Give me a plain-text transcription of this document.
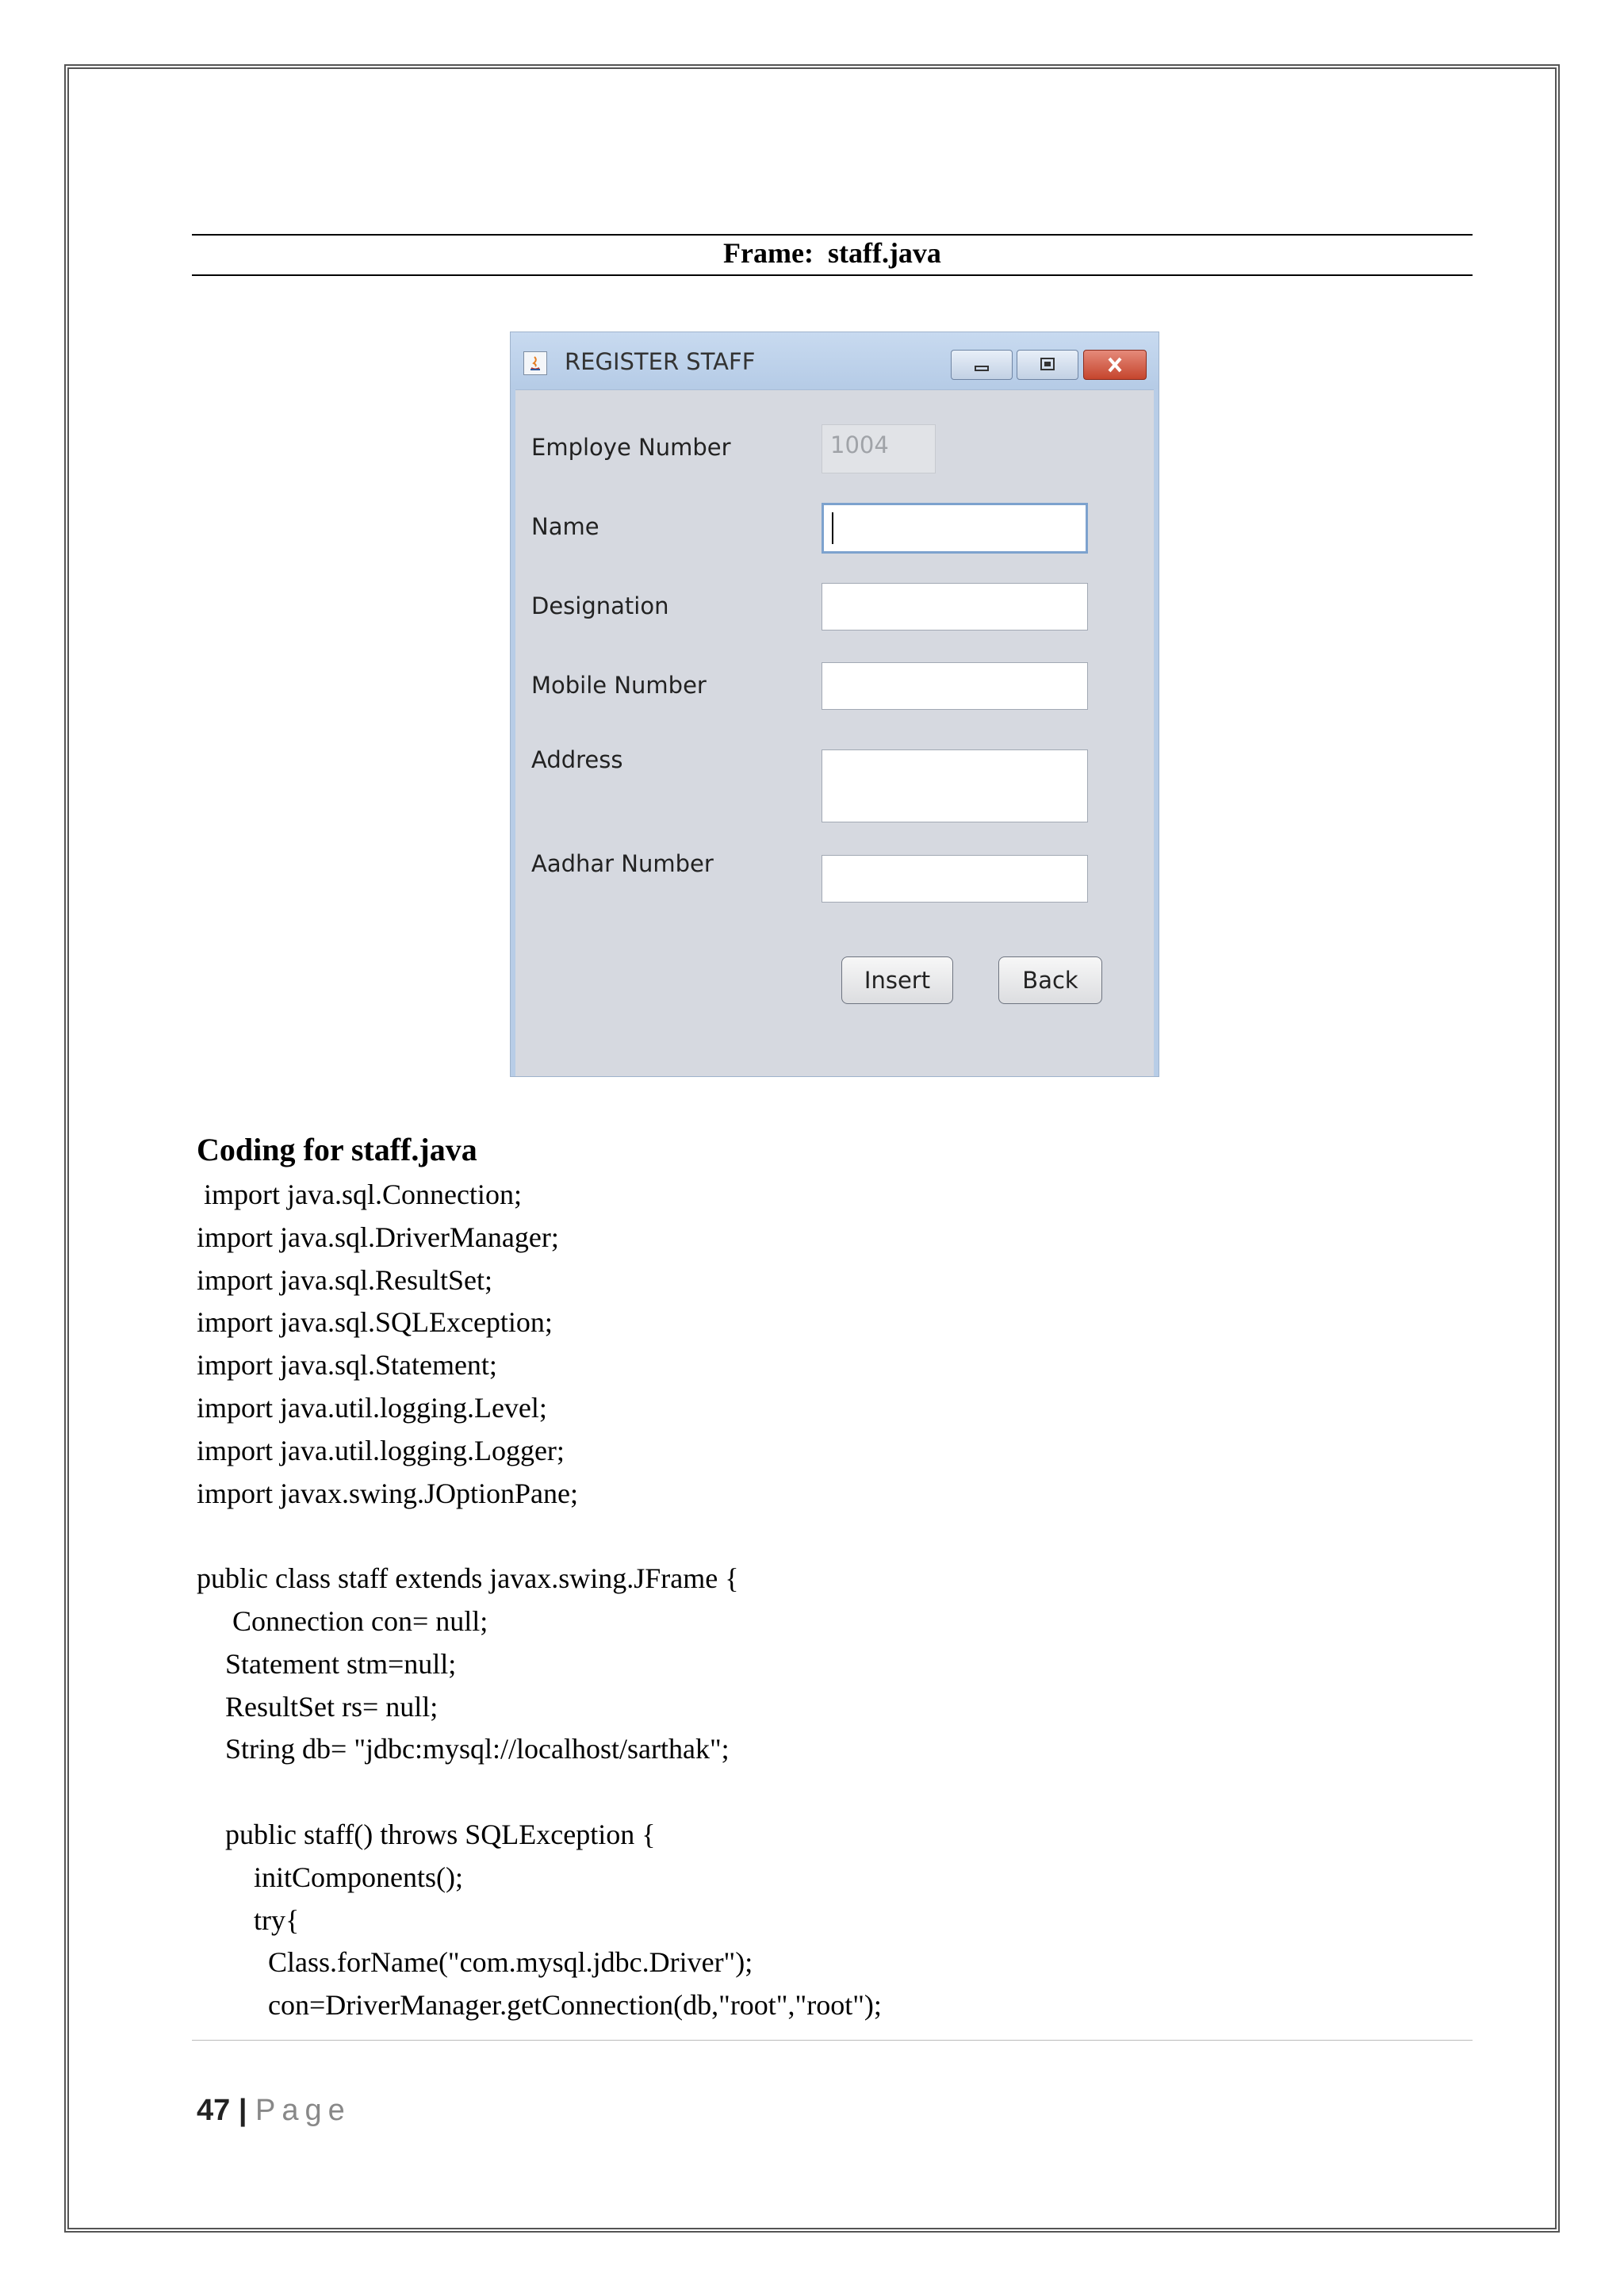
Frame:  staff.java
REGISTER STAFF
Employe Number	1004
Name
Designation
Mobile Number
Address
Aadhar Number
Insert	Back
Coding for staff.java
import java.sql.Connection;
import java.sql.DriverManager;
import java.sql.ResultSet;
import java.sql.SQLException;
import java.sql.Statement;
import java.util.logging.Level;
import java.util.logging.Logger;
import javax.swing.JOptionPane;

public class staff extends javax.swing.JFrame {
Connection con= null;
Statement stm=null;
ResultSet rs= null;
String db= "jdbc:mysql://localhost/sarthak";

public staff() throws SQLException {
initComponents();
try{
Class.forName("com.mysql.jdbc.Driver");
con=DriverManager.getConnection(db,"root","root");
47 | Page
